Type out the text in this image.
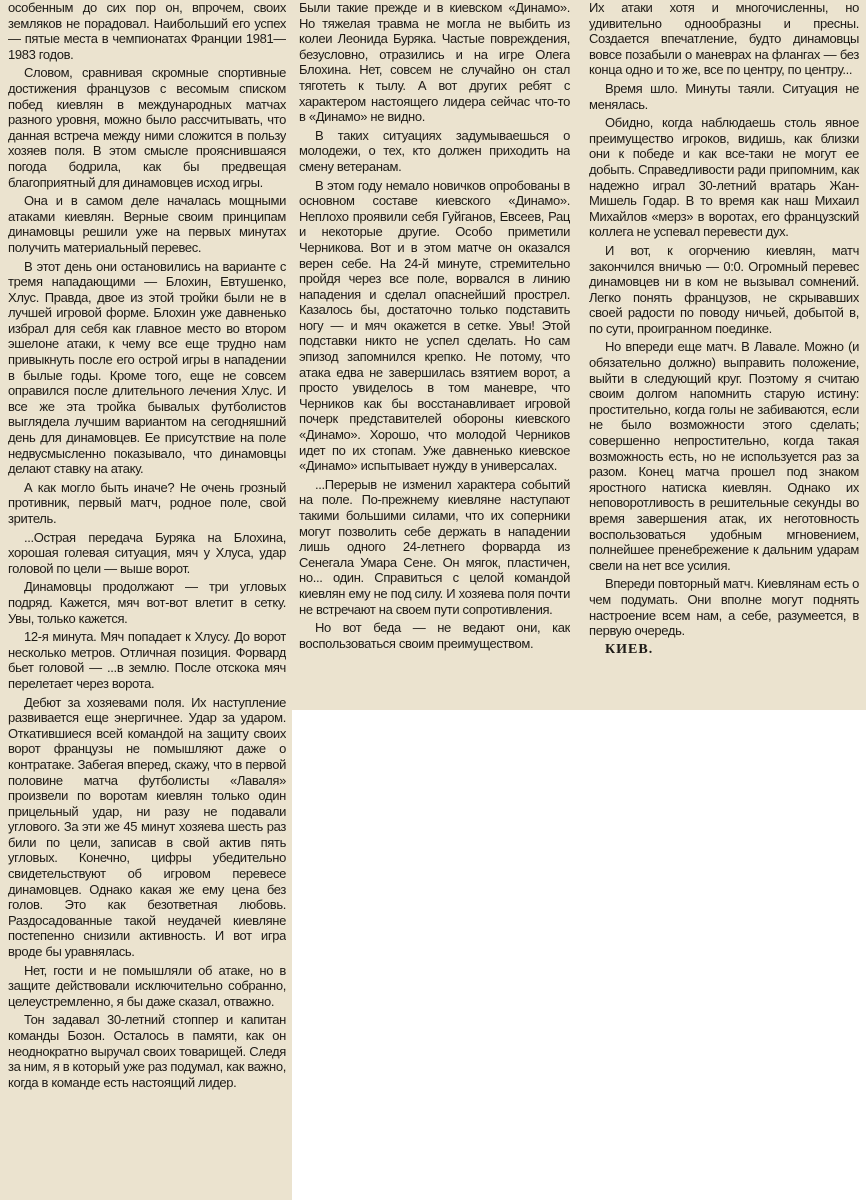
особенным до сих пор он, впрочем, своих земляков не порадовал. Наибольший его успех — пятые места в чемпионатах Франции 1981—1983 годов.

Словом, сравнивая скромные спортивные достижения французов с весомым списком побед киевлян в международных матчах разного уровня, можно было рассчитывать, что данная встреча между ними сложится в пользу хозяев поля. В этом смысле прояснившаяся погода бодрила, как бы предвещая благоприятный для динамовцев исход игры.

Она и в самом деле началась мощными атаками киевлян. Верные своим принципам динамовцы решили уже на первых минутах получить материальный перевес.

В этот день они остановились на варианте с тремя нападающими — Блохин, Евтушенко, Хлус. Правда, двое из этой тройки были не в лучшей игровой форме. Блохин уже давненько избрал для себя как главное место во втором эшелоне атаки, к чему все еще трудно нам привыкнуть после его острой игры в нападении в былые годы. Кроме того, еще не совсем оправился после длительного лечения Хлус. И все же эта тройка бывалых футболистов выглядела лучшим вариантом на сегодняшний день для динамовцев. Ее присутствие на поле недвусмысленно показывало, что динамовцы делают ставку на атаку.

А как могло быть иначе? Не очень грозный противник, первый матч, родное поле, свой зритель.

...Острая передача Буряка на Блохина, хорошая голевая ситуация, мяч у Хлуса, удар головой по цели — выше ворот.

Динамовцы продолжают — три угловых подряд. Кажется, мяч вот-вот влетит в сетку. Увы, только кажется.

12-я минута. Мяч попадает к Хлусу. До ворот несколько метров. Отличная позиция. Форвард бьет головой — ...в землю. После отскока мяч перелетает через ворота.

Дебют за хозяевами поля. Их наступление развивается еще энергичнее. Удар за ударом. Откатившиеся всей командой на защиту своих ворот французы не помышляют даже о контратаке. Забегая вперед, скажу, что в первой половине матча футболисты «Лаваля» произвели по воротам киевлян только один прицельный удар, ни разу не подавали углового. За эти же 45 минут хозяева шесть раз били по цели, записав в свой актив пять угловых. Конечно, цифры убедительно свидетельствуют об игровом перевесе динамовцев. Однако какая же ему цена без голов. Это как безответная любовь. Раздосадованные такой неудачей киевляне постепенно снизили активность. И вот игра вроде бы уравнялась.

Нет, гости и не помышляли об атаке, но в защите действовали исключительно собранно, целеустремленно, я бы даже сказал, отважно.

Тон задавал 30-летний стоппер и капитан команды Бозон. Осталось в памяти, как он неоднократно выручал своих товарищей. Следя за ним, я в который уже раз подумал, как важно, когда в команде есть настоящий лидер.

Были такие прежде и в киевском «Динамо». Но тяжелая травма не могла не выбить из колеи Леонида Буряка. Частые повреждения, безусловно, отразились и на игре Олега Блохина. Нет, совсем не случайно он стал тяготеть к тылу. А вот других ребят с характером настоящего лидера сейчас что-то в «Динамо» не видно.

В таких ситуациях задумываешься о молодежи, о тех, кто должен приходить на смену ветеранам.

В этом году немало новичков опробованы в основном составе киевского «Динамо». Неплохо проявили себя Гуйганов, Евсеев, Рац и некоторые другие. Особо приметили Черникова. Вот и в этом матче он оказался верен себе. На 24-й минуте, стремительно пройдя через все поле, ворвался в линию нападения и сделал опаснейший прострел. Казалось бы, достаточно только подставить ногу — и мяч окажется в сетке. Увы! Этой подставки никто не успел сделать. Но сам эпизод запомнился крепко. Не потому, что атака едва не завершилась взятием ворот, а просто увиделось в том маневре, что Черников как бы восстанавливает игровой почерк представителей обороны киевского «Динамо». Хорошо, что молодой Черников идет по их стопам. Уже давненько киевское «Динамо» испытывает нужду в универсалах.

...Перерыв не изменил характера событий на поле. По-прежнему киевляне наступают такими большими силами, что их соперники могут позволить себе держать в нападении лишь одного 24-летнего форварда из Сенегала Умара Сене. Он мягок, пластичен, но... один. Справиться с целой командой киевлян ему не под силу. И хозяева поля почти не встречают на своем пути сопротивления.

Но вот беда — не ведают они, как воспользоваться своим преимуществом.

Их атаки хотя и многочисленны, но удивительно однообразны и пресны. Создается впечатление, будто динамовцы вовсе позабыли о маневрах на флангах — без конца одно и то же, все по центру, по центру...

Время шло. Минуты таяли. Ситуация не менялась.

Обидно, когда наблюдаешь столь явное преимущество игроков, видишь, как близки они к победе и как все-таки не могут ее добыть. Справедливости ради припомним, как надежно играл 30-летний вратарь Жан-Мишель Годар. В то время как наш Михаил Михайлов «мерз» в воротах, его французский коллега не успевал перевести дух.

И вот, к огорчению киевлян, матч закончился вничью — 0:0. Огромный перевес динамовцев ни в ком не вызывал сомнений. Легко понять французов, не скрывавших своей радости по поводу ничьей, добытой в, по сути, проигранном поединке.

Но впереди еще матч. В Лавале. Можно (и обязательно должно) выправить положение, выйти в следующий круг. Поэтому я считаю своим долгом напомнить старую истину: простительно, когда голы не забиваются, если не было возможности этого сделать; совершенно непростительно, когда такая возможность есть, но не используется раз за разом. Конец матча прошел под знаком яростного натиска киевлян. Однако их неповоротливость в решительные секунды во время завершения атак, их неготовность воспользоваться удобным мгновением, полнейшее пренебрежение к дальним ударам свели на нет все усилия.

Впереди повторный матч. Киевлянам есть о чем подумать. Они вполне могут поднять настроение всем нам, а себе, разумеется, в первую очередь.

КИЕВ.
